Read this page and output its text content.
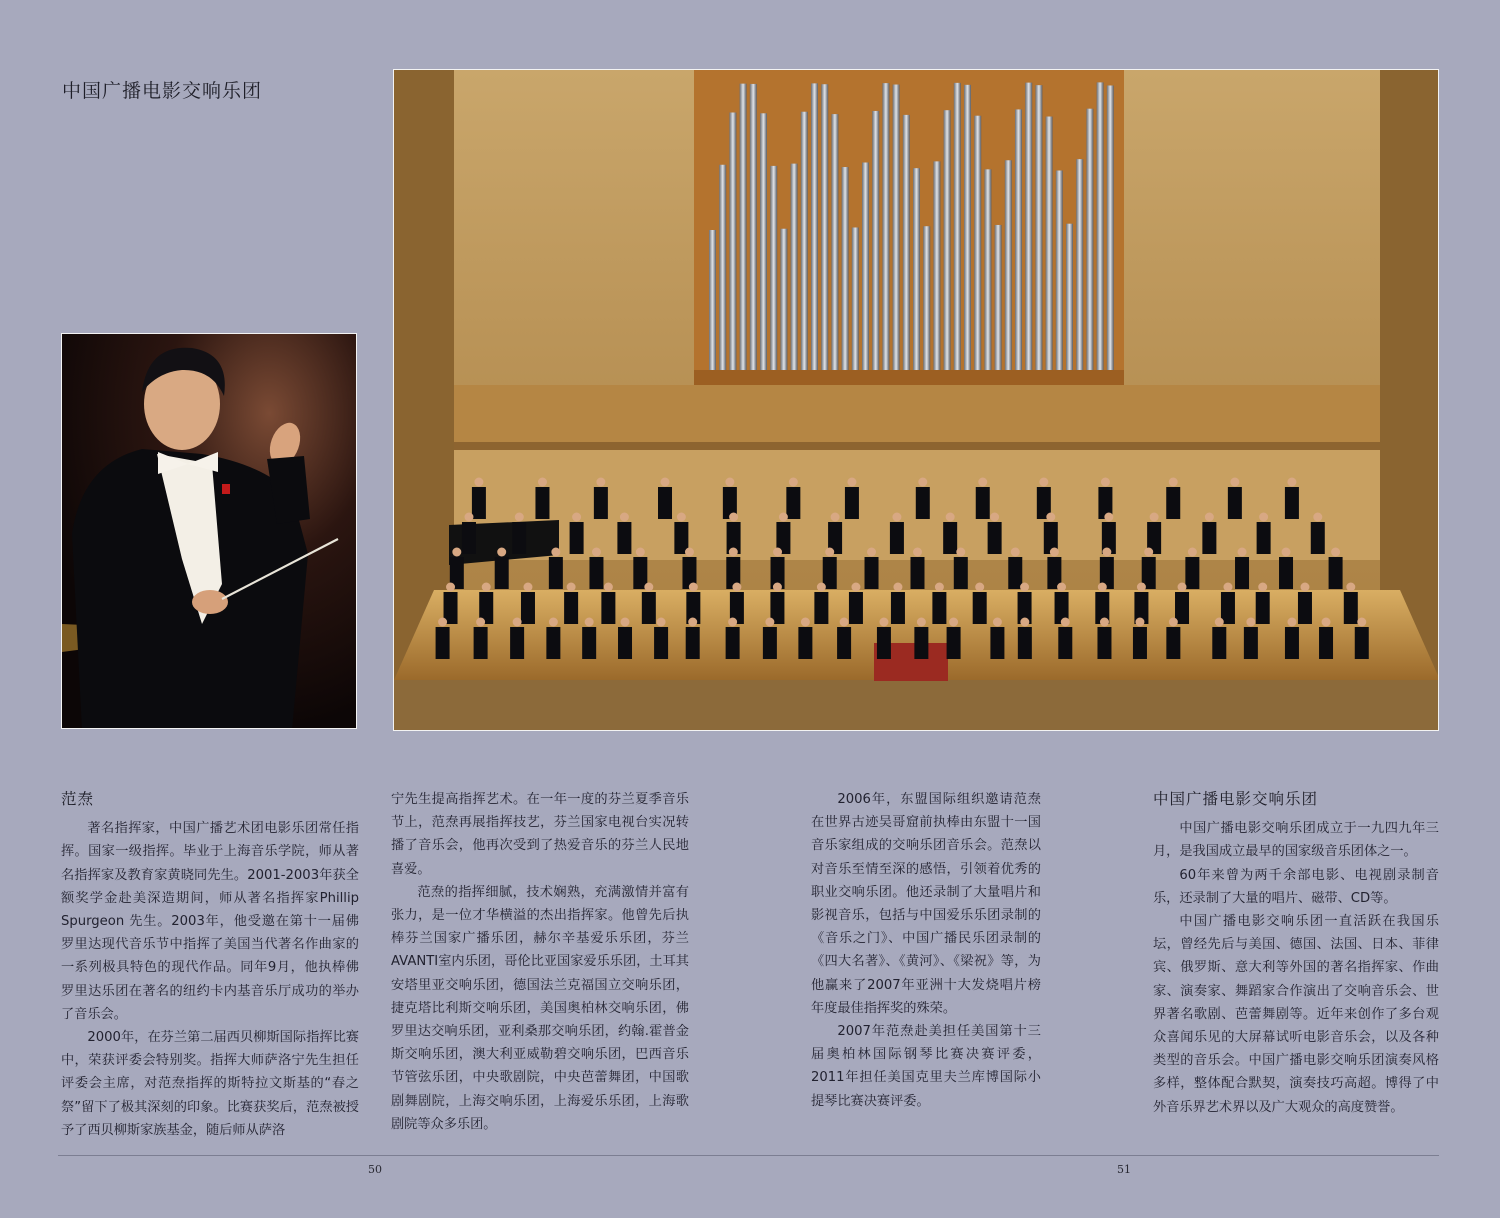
中国广播电影交响乐团
范焘

著名指挥家，中国广播艺术团电影乐团常任指挥。国家一级指挥。毕业于上海音乐学院，师从著名指挥家及教育家黄晓同先生。2001-2003年获全额奖学金赴美深造期间，师从著名指挥家Phillip Spurgeon 先生。2003年，他受邀在第十一届佛罗里达现代音乐节中指挥了美国当代著名作曲家的一系列极具特色的现代作品。同年9月，他执棒佛罗里达乐团在著名的纽约卡内基音乐厅成功的举办了音乐会。

2000年，在芬兰第二届西贝柳斯国际指挥比赛中，荣获评委会特别奖。指挥大师萨洛宁先生担任评委会主席，对范焘指挥的斯特拉文斯基的“春之祭”留下了极其深刻的印象。比赛获奖后，范焘被授予了西贝柳斯家族基金，随后师从萨洛

宁先生提高指挥艺术。在一年一度的芬兰夏季音乐节上，范焘再展指挥技艺，芬兰国家电视台实况转播了音乐会，他再次受到了热爱音乐的芬兰人民地喜爱。

范焘的指挥细腻，技术娴熟，充满激情并富有张力，是一位才华横溢的杰出指挥家。他曾先后执棒芬兰国家广播乐团，赫尔辛基爱乐乐团，芬兰AVANTI室内乐团，哥伦比亚国家爱乐乐团，土耳其安塔里亚交响乐团，德国法兰克福国立交响乐团，捷克塔比利斯交响乐团，美国奥柏林交响乐团，佛罗里达交响乐团，亚利桑那交响乐团，约翰.霍普金斯交响乐团，澳大利亚威勒碧交响乐团，巴西音乐节管弦乐团，中央歌剧院，中央芭蕾舞团，中国歌剧舞剧院，上海交响乐团，上海爱乐乐团，上海歌剧院等众多乐团。

2006年，东盟国际组织邀请范焘在世界古迹吴哥窟前执棒由东盟十一国音乐家组成的交响乐团音乐会。范焘以对音乐至情至深的感悟，引领着优秀的职业交响乐团。他还录制了大量唱片和影视音乐，包括与中国爱乐乐团录制的《音乐之门》、中国广播民乐团录制的《四大名著》、《黄河》、《梁祝》等，为他赢来了2007年亚洲十大发烧唱片榜年度最佳指挥奖的殊荣。

2007年范焘赴美担任美国第十三届奥柏林国际钢琴比赛决赛评委，2011年担任美国克里夫兰库博国际小提琴比赛决赛评委。

中国广播电影交响乐团

中国广播电影交响乐团成立于一九四九年三月，是我国成立最早的国家级音乐团体之一。

60年来曾为两千余部电影、电视剧录制音乐，还录制了大量的唱片、磁带、CD等。

中国广播电影交响乐团一直活跃在我国乐坛，曾经先后与美国、德国、法国、日本、菲律宾、俄罗斯、意大利等外国的著名指挥家、作曲家、演奏家、舞蹈家合作演出了交响音乐会、世界著名歌剧、芭蕾舞剧等。近年来创作了多台观众喜闻乐见的大屏幕试听电影音乐会，以及各种类型的音乐会。中国广播电影交响乐团演奏风格多样，整体配合默契，演奏技巧高超。博得了中外音乐界艺术界以及广大观众的高度赞誉。

50	51
